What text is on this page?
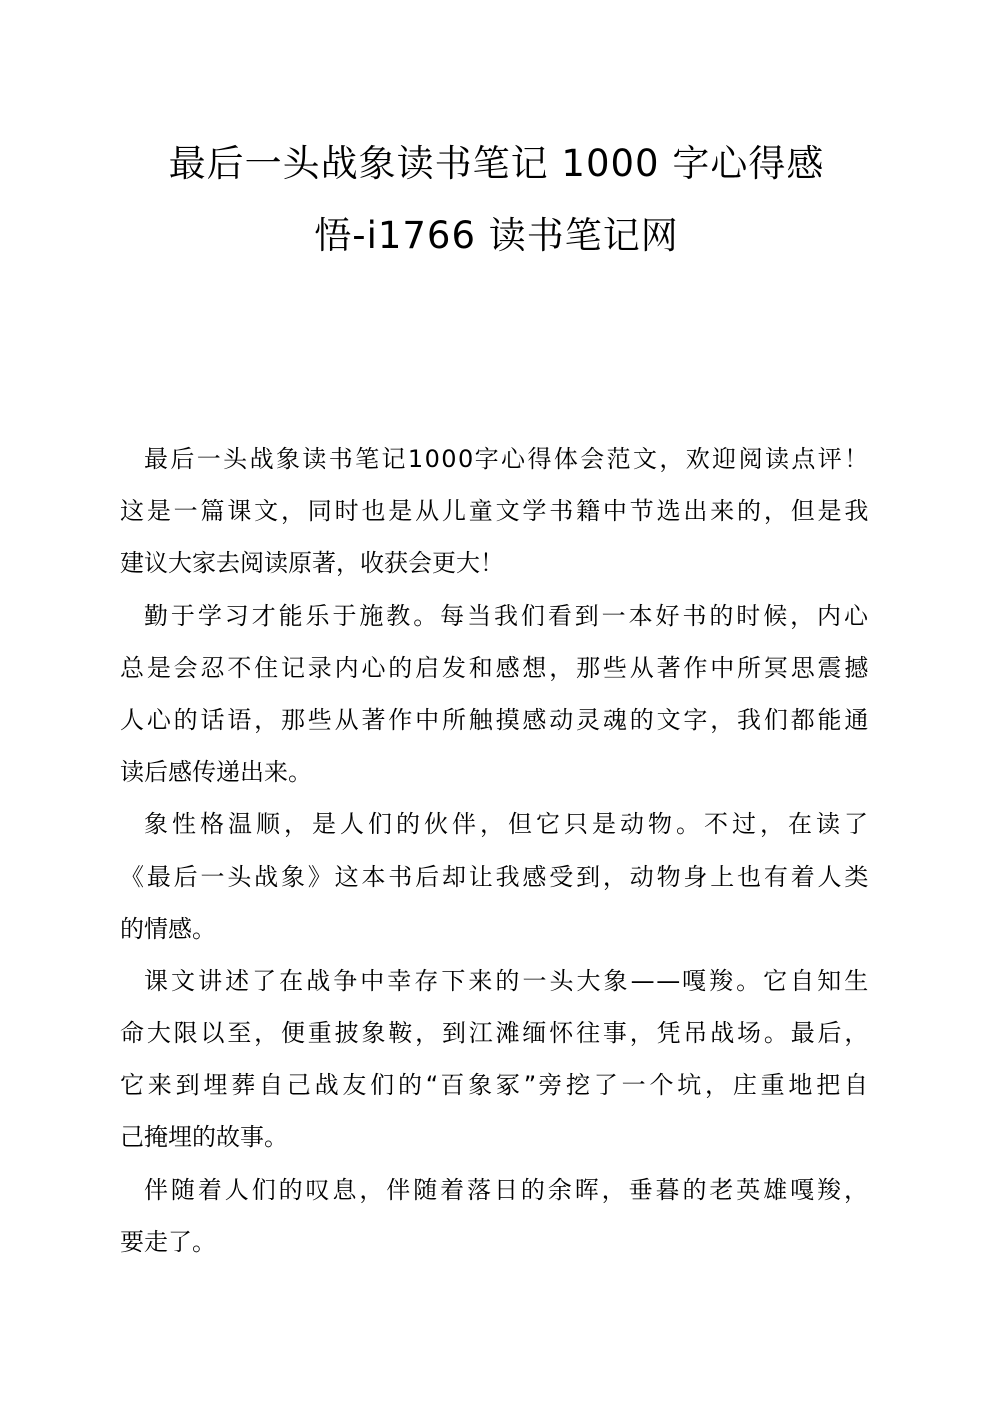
最后一头战象读书笔记 1000 字心得感
悟-i1766 读书笔记网
最 后 一 头 战 象 读 书 笔 记 1 0 0 0 字 心 得 体 会 范 文 ， 欢 迎 阅 读 点 评 ！
这 是 一 篇 课 文 ， 同 时 也 是 从 儿 童 文 学 书 籍 中 节 选 出 来 的 ， 但 是 我
建议大家去阅读原著，收获会更大！
勤 于 学 习 才 能 乐 于 施 教 。 每 当 我 们 看 到 一 本 好 书 的 时 候 ， 内 心
总 是 会 忍 不 住 记 录 内 心 的 启 发 和 感 想 ， 那 些 从 著 作 中 所 冥 思 震 撼
人 心 的 话 语 ， 那 些 从 著 作 中 所 触 摸 感 动 灵 魂 的 文 字 ， 我 们 都 能 通
读后感传递出来。
象 性 格 温 顺 ， 是 人 们 的 伙 伴 ， 但 它 只 是 动 物 。 不 过 ， 在 读 了
《 最 后 一 头 战 象 》 这 本 书 后 却 让 我 感 受 到 ， 动 物 身 上 也 有 着 人 类
的情感。
课 文 讲 述 了 在 战 争 中 幸 存 下 来 的 一 头 大 象 — — 嘎 羧 。 它 自 知 生
命 大 限 以 至 ， 便 重 披 象 鞍 ， 到 江 滩 缅 怀 往 事 ， 凭 吊 战 场 。 最 后 ，
它 来 到 埋 葬 自 己 战 友 们 的 “ 百 象 冢 ” 旁 挖 了 一 个 坑 ， 庄 重 地 把 自
己掩埋的故事。
伴 随 着 人 们 的 叹 息 ， 伴 随 着 落 日 的 余 晖 ， 垂 暮 的 老 英 雄 嘎 羧 ，
要走了。
